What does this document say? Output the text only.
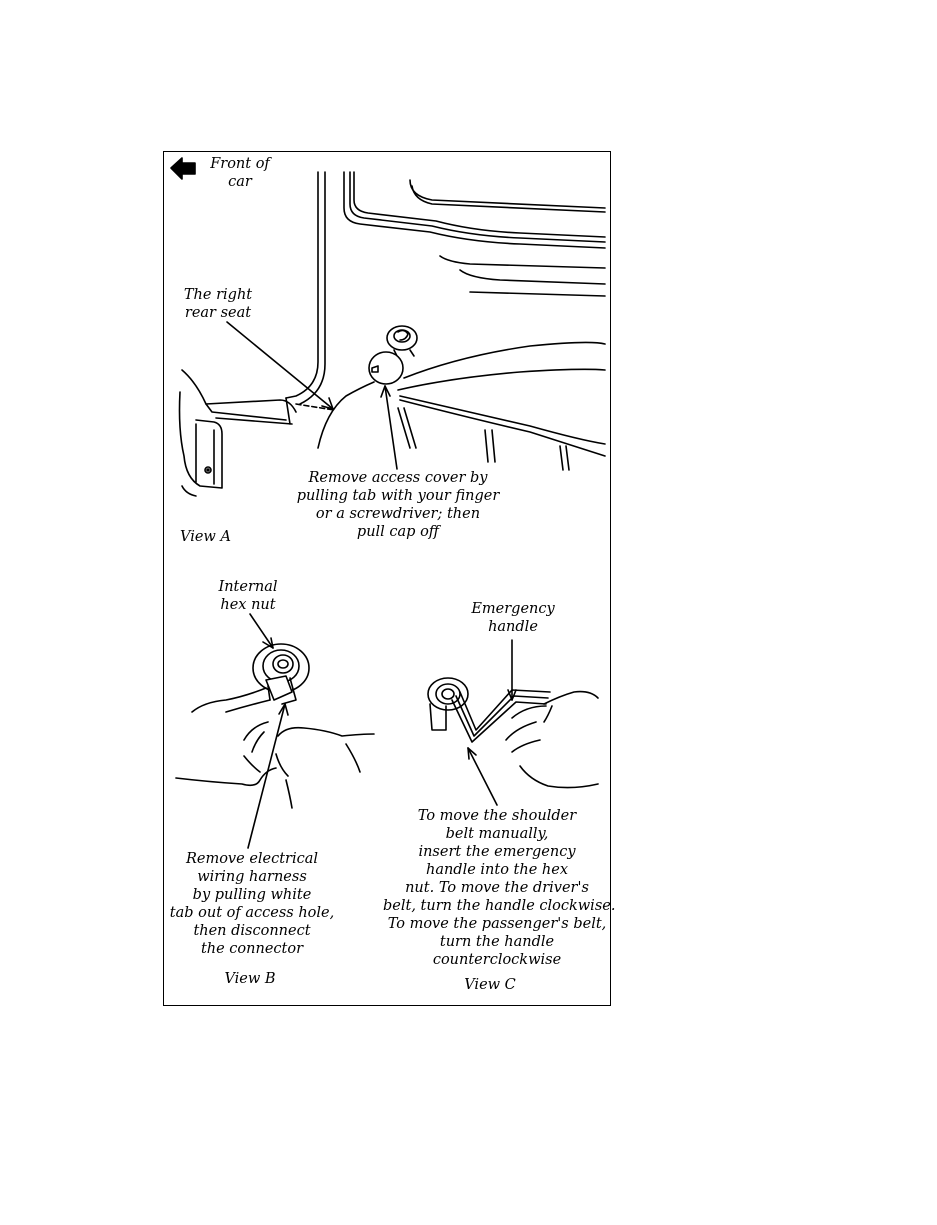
Front of
car
The right
rear seat
Remove access cover by
pulling tab with your finger
or a screwdriver; then
pull cap off
View A
Internal
hex nut	Emergency
handle
Remove electrical
wiring harness
by pulling white
tab out of access hole,
then disconnect
the connector
To move the shoulder
belt manually,
insert the emergency
handle into the hex
nut. To move the driver's
belt, turn the handle clockwise.
To move the passenger's belt,
turn the handle
counterclockwise
View B	View C
